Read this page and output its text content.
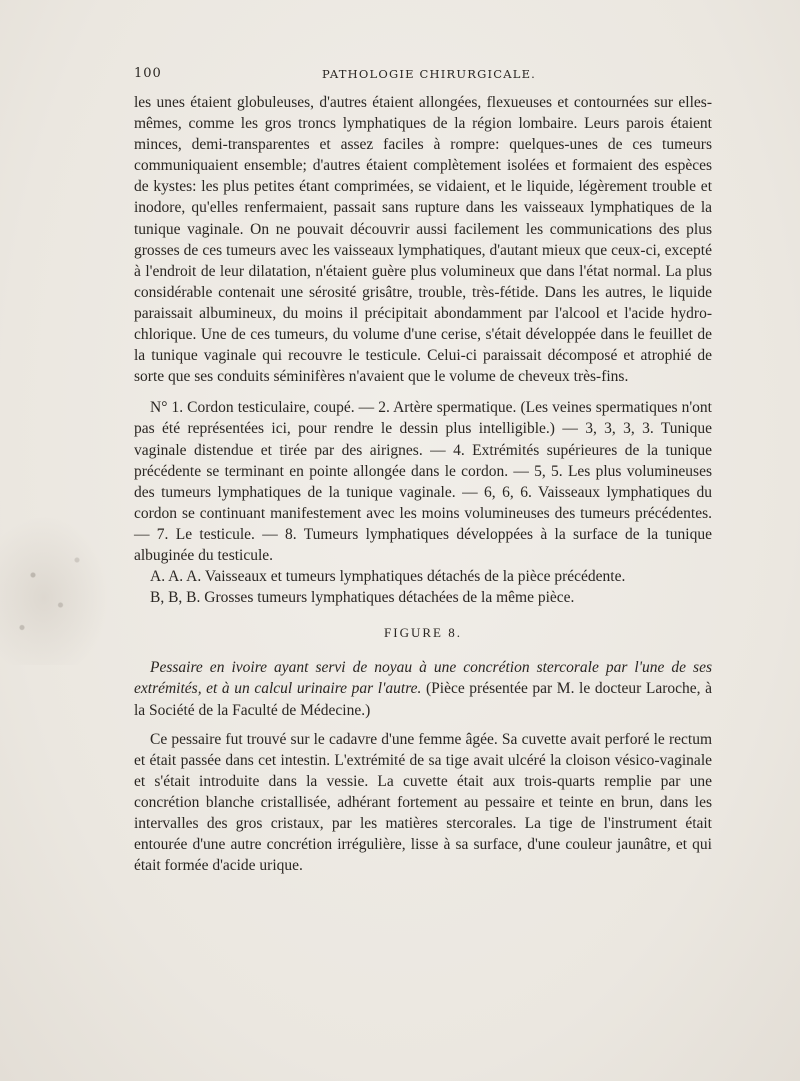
100	PATHOLOGIE CHIRURGICALE.

les unes étaient globuleuses, d'autres étaient allongées, flexueuses et contournées sur elles-mêmes, comme les gros troncs lymphatiques de la région lombaire. Leurs parois étaient minces, demi-transparentes et assez faciles à rompre: quelques-unes de ces tumeurs communiquaient ensemble; d'autres étaient complètement isolées et formaient des espèces de kystes: les plus petites étant comprimées, se vidaient, et le liquide, légèrement trouble et inodore, qu'elles renfermaient, passait sans rupture dans les vaisseaux lymphatiques de la tunique vaginale. On ne pouvait découvrir aussi facilement les communications des plus grosses de ces tumeurs avec les vaisseaux lymphatiques, d'autant mieux que ceux-ci, excepté à l'endroit de leur dilatation, n'étaient guère plus volumineux que dans l'état normal. La plus considérable contenait une sérosité grisâtre, trouble, très-fétide. Dans les autres, le liquide paraissait albumineux, du moins il précipitait abondamment par l'alcool et l'acide hydro-chlorique. Une de ces tumeurs, du volume d'une cerise, s'était développée dans le feuillet de la tunique vaginale qui recouvre le testicule. Celui-ci paraissait décomposé et atrophié de sorte que ses conduits séminifères n'avaient que le volume de cheveux très-fins.

N° 1. Cordon testiculaire, coupé. — 2. Artère spermatique. (Les veines spermatiques n'ont pas été représentées ici, pour rendre le dessin plus intelligible.) — 3, 3, 3, 3. Tunique vaginale distendue et tirée par des airignes. — 4. Extrémités supérieures de la tunique précédente se terminant en pointe allongée dans le cordon. — 5, 5. Les plus volumineuses des tumeurs lymphatiques de la tunique vaginale. — 6, 6, 6. Vaisseaux lymphatiques du cordon se continuant manifestement avec les moins volumineuses des tumeurs précédentes. — 7. Le testicule. — 8. Tumeurs lymphatiques développées à la surface de la tunique albuginée du testicule.

A. A. A. Vaisseaux et tumeurs lymphatiques détachés de la pièce précédente.

B, B, B. Grosses tumeurs lymphatiques détachées de la même pièce.

FIGURE 8.

Pessaire en ivoire ayant servi de noyau à une concrétion stercorale par l'une de ses extrémités, et à un calcul urinaire par l'autre. (Pièce présentée par M. le docteur Laroche, à la Société de la Faculté de Médecine.)

Ce pessaire fut trouvé sur le cadavre d'une femme âgée. Sa cuvette avait perforé le rectum et était passée dans cet intestin. L'extrémité de sa tige avait ulcéré la cloison vésico-vaginale et s'était introduite dans la vessie. La cuvette était aux trois-quarts remplie par une concrétion blanche cristallisée, adhérant fortement au pessaire et teinte en brun, dans les intervalles des gros cristaux, par les matières stercorales. La tige de l'instrument était entourée d'une autre concrétion irrégulière, lisse à sa surface, d'une couleur jaunâtre, et qui était formée d'acide urique.
